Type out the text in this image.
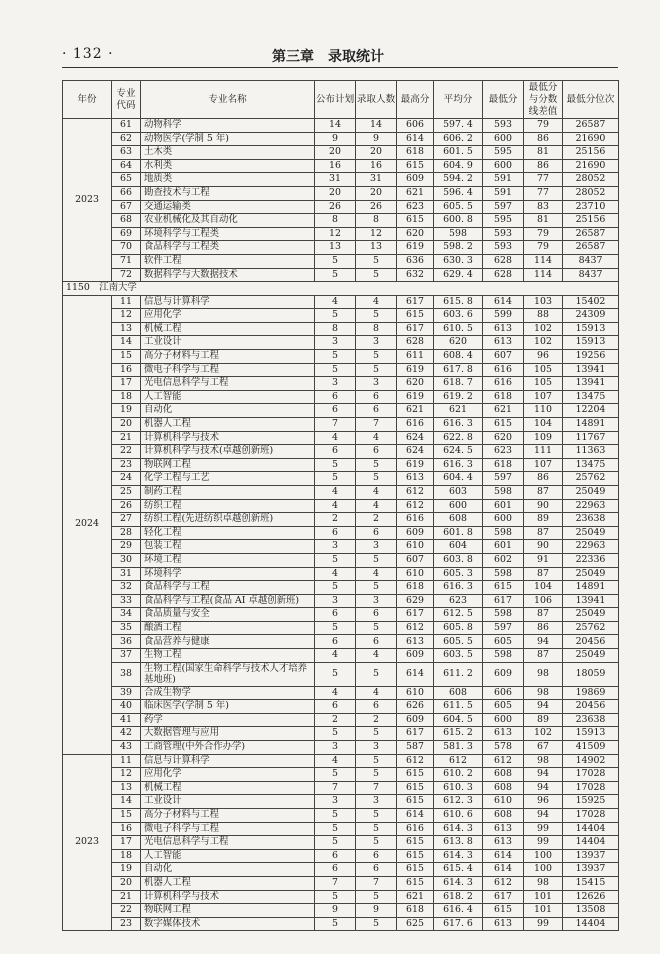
· 132 ·	第三章　录取统计
年份	专业代码	专业名称	公布计划	录取人数	最高分	平均分	最低分	最低分与分数线差值	最低分位次
2023	61	动物科学	14	14	606	597. 4	593	79	26587
	62	动物医学(学制 5 年)	9	9	614	606. 2	600	86	21690
	63	土木类	20	20	618	601. 5	595	81	25156
	64	水利类	16	16	615	604. 9	600	86	21690
	65	地质类	31	31	609	594. 2	591	77	28052
	66	勘查技术与工程	20	20	621	596. 4	591	77	28052
	67	交通运输类	26	26	623	605. 5	597	83	23710
	68	农业机械化及其自动化	8	8	615	600. 8	595	81	25156
	69	环境科学与工程类	12	12	620	598	593	79	26587
	70	食品科学与工程类	13	13	619	598. 2	593	79	26587
	71	软件工程	5	5	636	630. 3	628	114	8437
	72	数据科学与大数据技术	5	5	632	629. 4	628	114	8437
1150　江南大学									
2024	11	信息与计算科学	4	4	617	615. 8	614	103	15402
	12	应用化学	5	5	615	603. 6	599	88	24309
	13	机械工程	8	8	617	610. 5	613	102	15913
	14	工业设计	3	3	628	620	613	102	15913
	15	高分子材料与工程	5	5	611	608. 4	607	96	19256
	16	微电子科学与工程	5	5	619	617. 8	616	105	13941
	17	光电信息科学与工程	3	3	620	618. 7	616	105	13941
	18	人工智能	6	6	619	619. 2	618	107	13475
	19	自动化	6	6	621	621	621	110	12204
	20	机器人工程	7	7	616	616. 3	615	104	14891
	21	计算机科学与技术	4	4	624	622. 8	620	109	11767
	22	计算机科学与技术(卓越创新班)	6	6	624	624. 5	623	111	11363
	23	物联网工程	5	5	619	616. 3	618	107	13475
	24	化学工程与工艺	5	5	613	604. 4	597	86	25762
	25	制药工程	4	4	612	603	598	87	25049
	26	纺织工程	4	4	612	600	601	90	22963
	27	纺织工程(先进纺织卓越创新班)	2	2	616	608	600	89	23638
	28	轻化工程	6	6	609	601. 8	598	87	25049
	29	包装工程	3	3	610	604	601	90	22963
	30	环境工程	5	5	607	603. 8	602	91	22336
	31	环境科学	4	4	610	605. 3	598	87	25049
	32	食品科学与工程	5	5	618	616. 3	615	104	14891
	33	食品科学与工程(食品 AI 卓越创新班)	3	3	629	623	617	106	13941
	34	食品质量与安全	6	6	617	612. 5	598	87	25049
	35	酿酒工程	5	5	612	605. 8	597	86	25762
	36	食品营养与健康	6	6	613	605. 5	605	94	20456
	37	生物工程	4	4	609	603. 5	598	87	25049
	38	生物工程(国家生命科学与技术人才培养基地班)	5	5	614	611. 2	609	98	18059
	39	合成生物学	4	4	610	608	606	98	19869
	40	临床医学(学制 5 年)	6	6	626	611. 5	605	94	20456
	41	药学	2	2	609	604. 5	600	89	23638
	42	大数据管理与应用	5	5	617	615. 2	613	102	15913
	43	工商管理(中外合作办学)	3	3	587	581. 3	578	67	41509
2023	11	信息与计算科学	4	5	612	612	612	98	14902
	12	应用化学	5	5	615	610. 2	608	94	17028
	13	机械工程	7	7	615	610. 3	608	94	17028
	14	工业设计	3	3	615	612. 3	610	96	15925
	15	高分子材料与工程	5	5	614	610. 6	608	94	17028
	16	微电子科学与工程	5	5	616	614. 3	613	99	14404
	17	光电信息科学与工程	5	5	615	613. 8	613	99	14404
	18	人工智能	6	6	615	614. 3	614	100	13937
	19	自动化	6	6	615	615. 4	614	100	13937
	20	机器人工程	7	7	615	614. 3	612	98	15415
	21	计算机科学与技术	5	5	621	618. 2	617	101	12626
	22	物联网工程	9	9	618	616. 4	615	101	13508
	23	数字媒体技术	5	5	625	617. 6	613	99	14404
